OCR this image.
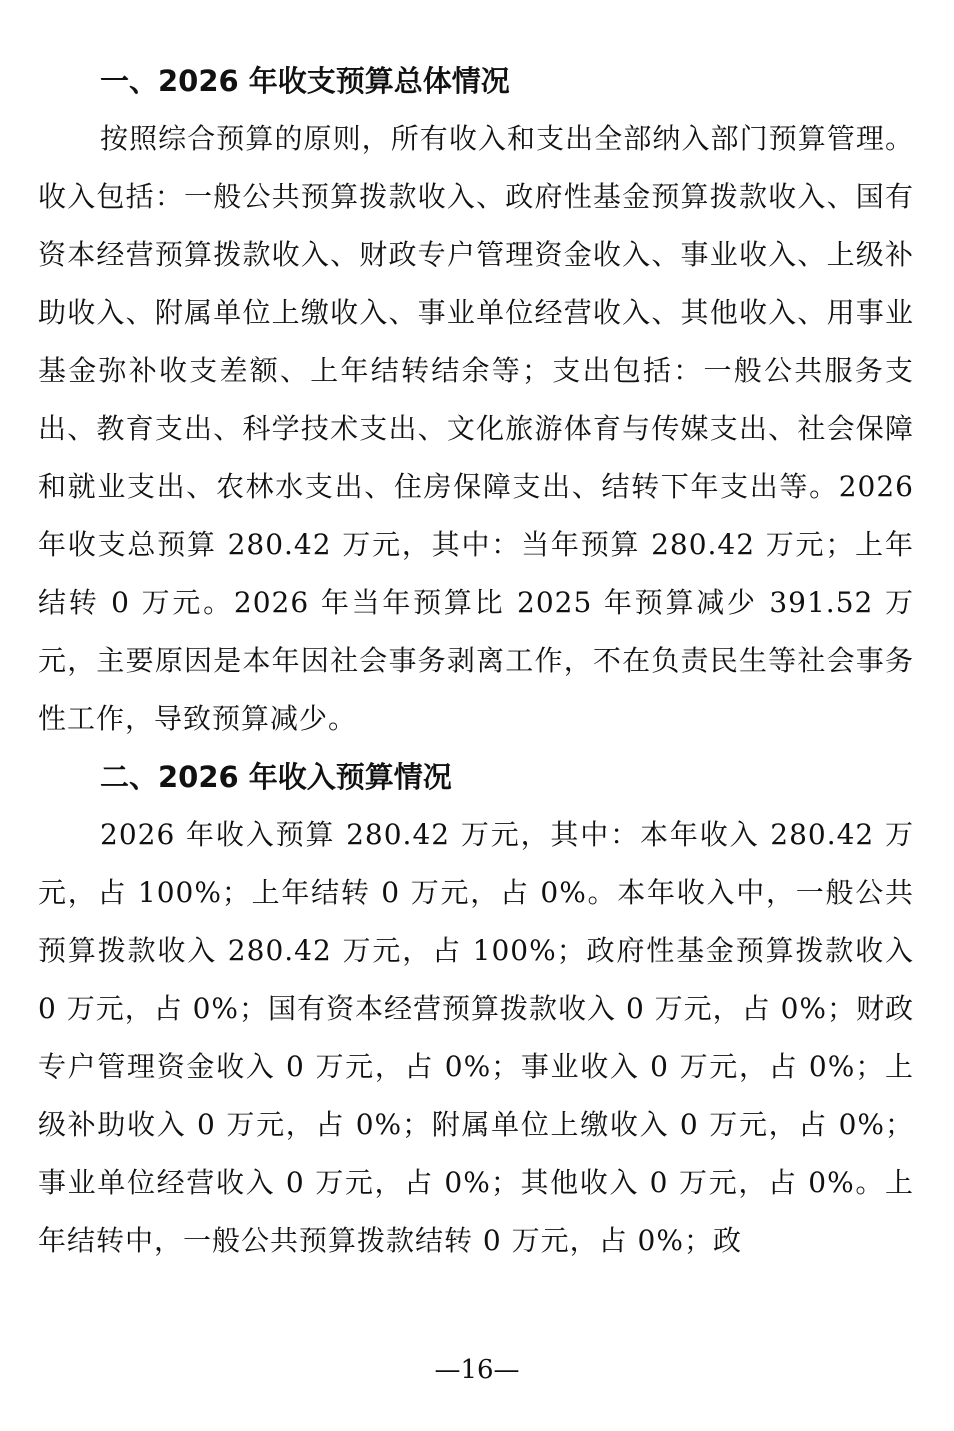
一、2026 年收支预算总体情况

按照综合预算的原则，所有收入和支出全部纳入部门预算管理。收入包括：一般公共预算拨款收入、政府性基金预算拨款收入、国有资本经营预算拨款收入、财政专户管理资金收入、事业收入、上级补助收入、附属单位上缴收入、事业单位经营收入、其他收入、用事业基金弥补收支差额、上年结转结余等；支出包括：一般公共服务支出、教育支出、科学技术支出、文化旅游体育与传媒支出、社会保障和就业支出、农林水支出、住房保障支出、结转下年支出等。2026 年收支总预算 280.42 万元，其中：当年预算 280.42 万元；上年结转 0 万元。2026 年当年预算比 2025 年预算减少 391.52 万元，主要原因是本年因社会事务剥离工作，不在负责民生等社会事务性工作，导致预算减少。

二、2026 年收入预算情况

2026 年收入预算 280.42 万元，其中：本年收入 280.42 万元，占 100%；上年结转 0 万元，占 0%。本年收入中，一般公共预算拨款收入 280.42 万元，占 100%；政府性基金预算拨款收入 0 万元，占 0%；国有资本经营预算拨款收入 0 万元，占 0%；财政专户管理资金收入 0 万元，占 0%；事业收入 0 万元，占 0%；上级补助收入 0 万元，占 0%；附属单位上缴收入 0 万元，占 0%；事业单位经营收入 0 万元，占 0%；其他收入 0 万元，占 0%。上年结转中，一般公共预算拨款结转 0 万元，占 0%；政

—16—
